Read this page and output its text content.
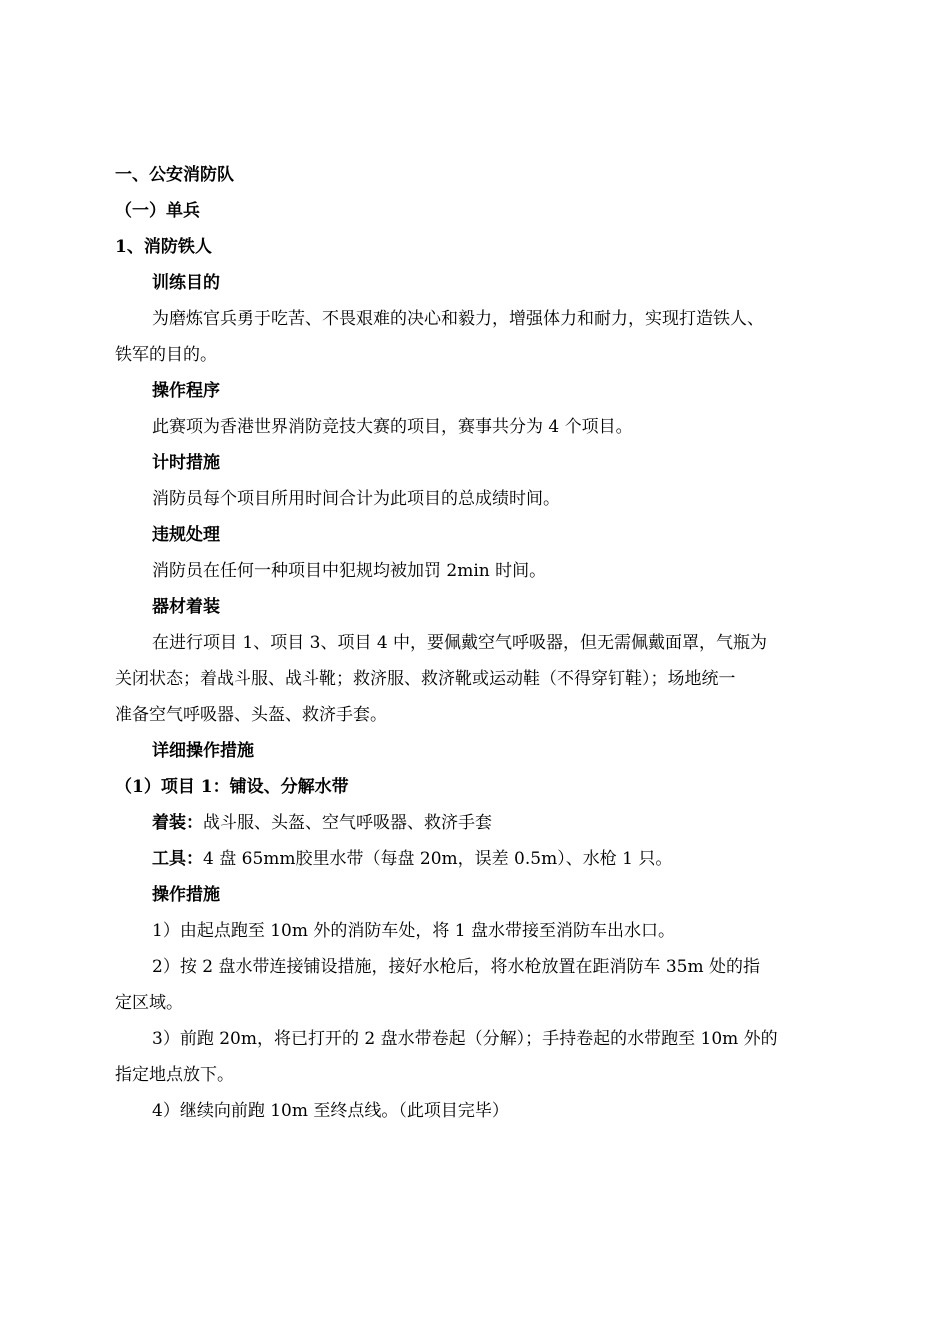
一、公安消防队
（一）单兵
1、消防铁人
训练目的
为磨炼官兵勇于吃苦、不畏艰难的决心和毅力，增强体力和耐力，实现打造铁人、
铁军的目的。
操作程序
此赛项为香港世界消防竞技大赛的项目，赛事共分为 4 个项目。
计时措施
消防员每个项目所用时间合计为此项目的总成绩时间。
违规处理
消防员在任何一种项目中犯规均被加罚 2min 时间。
器材着装
在进行项目 1、项目 3、项目 4 中，要佩戴空气呼吸器，但无需佩戴面罩，气瓶为
关闭状态；着战斗服、战斗靴；救济服、救济靴或运动鞋（不得穿钉鞋）；场地统一
准备空气呼吸器、头盔、救济手套。
详细操作措施
（1）项目 1：铺设、分解水带
着装：战斗服、头盔、空气呼吸器、救济手套
工具：4 盘 65mm胶里水带（每盘 20m，误差 0.5m）、水枪 1 只。
操作措施
1）由起点跑至 10m 外的消防车处，将 1 盘水带接至消防车出水口。
2）按 2 盘水带连接铺设措施，接好水枪后，将水枪放置在距消防车 35m 处的指
定区域。
3）前跑 20m，将已打开的 2 盘水带卷起（分解）；手持卷起的水带跑至 10m 外的
指定地点放下。
4）继续向前跑 10m 至终点线。（此项目完毕）
